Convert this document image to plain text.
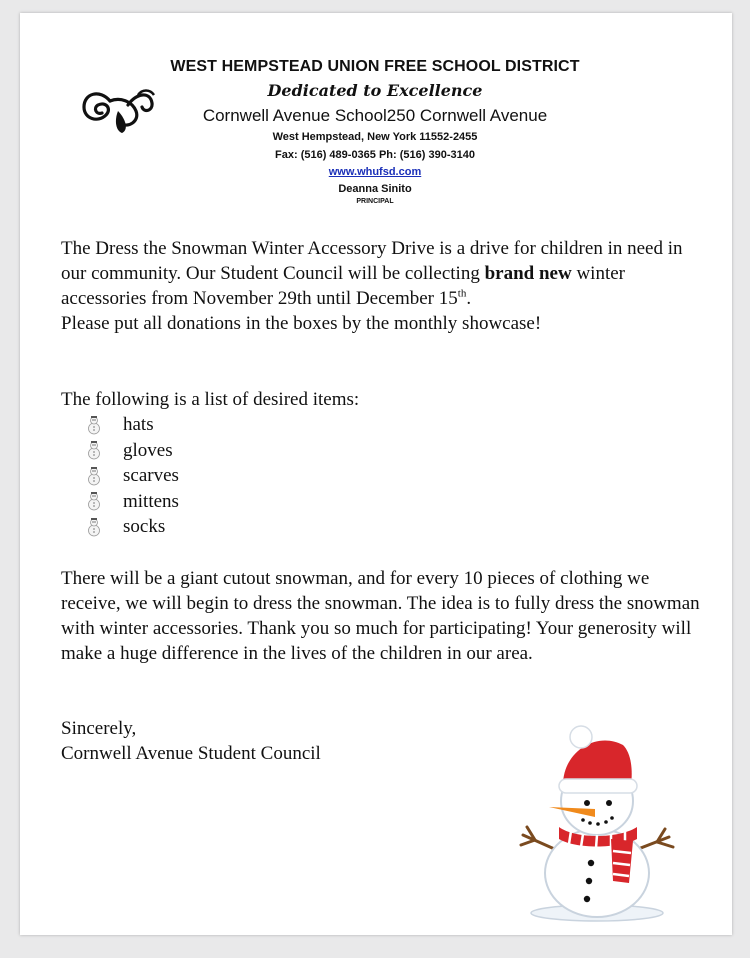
WEST HEMPSTEAD UNION FREE SCHOOL DISTRICT
Dedicated to Excellence
Cornwell Avenue School250 Cornwell Avenue
West Hempstead, New York 11552-2455
Fax: (516) 489-0365 Ph: (516) 390-3140
www.whufsd.com
Deanna Sinito
PRINCIPAL
The Dress the Snowman Winter Accessory Drive is a drive for children in need in our community. Our Student Council will be collecting brand new winter accessories from November 29th until December 15th.
Please put all donations in the boxes by the monthly showcase!
The following is a list of desired items:
hats
gloves
scarves
mittens
socks
There will be a giant cutout snowman, and for every 10 pieces of clothing we receive, we will begin to dress the snowman. The idea is to fully dress the snowman with winter accessories. Thank you so much for participating! Your generosity will make a huge difference in the lives of the children in our area.
Sincerely,
Cornwell Avenue Student Council
